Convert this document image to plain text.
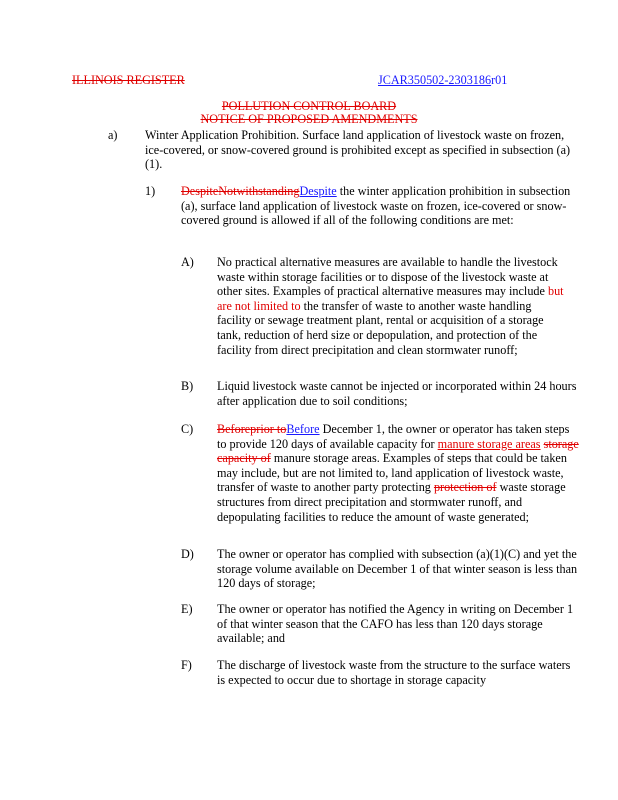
ILLINOIS REGISTER	JCAR350502-2303186r01
POLLUTION CONTROL BOARD
NOTICE OF PROPOSED AMENDMENTS
a) Winter Application Prohibition. Surface land application of livestock waste on frozen, ice-covered, or snow-covered ground is prohibited except as specified in subsection (a)(1).

1) DespiteNotwithstandingDespite the winter application prohibition in subsection (a), surface land application of livestock waste on frozen, ice-covered or snow-covered ground is allowed if all of the following conditions are met:

A) No practical alternative measures are available to handle the livestock waste within storage facilities or to dispose of the livestock waste at other sites. Examples of practical alternative measures may include but are not limited to the transfer of waste to another waste handling facility or sewage treatment plant, rental or acquisition of a storage tank, reduction of herd size or depopulation, and protection of the facility from direct precipitation and clean stormwater runoff;

B) Liquid livestock waste cannot be injected or incorporated within 24 hours after application due to soil conditions;

C) Beforeprior toBefore December 1, the owner or operator has taken steps to provide 120 days of available capacity for manure storage areas storage capacity of manure storage areas. Examples of steps that could be taken may include, but are not limited to, land application of livestock waste, transfer of waste to another party protecting protection of waste storage structures from direct precipitation and stormwater runoff, and depopulating facilities to reduce the amount of waste generated;

D) The owner or operator has complied with subsection (a)(1)(C) and yet the storage volume available on December 1 of that winter season is less than 120 days of storage;

E) The owner or operator has notified the Agency in writing on December 1 of that winter season that the CAFO has less than 120 days storage available; and

F) The discharge of livestock waste from the structure to the surface waters is expected to occur due to shortage in storage capacity
